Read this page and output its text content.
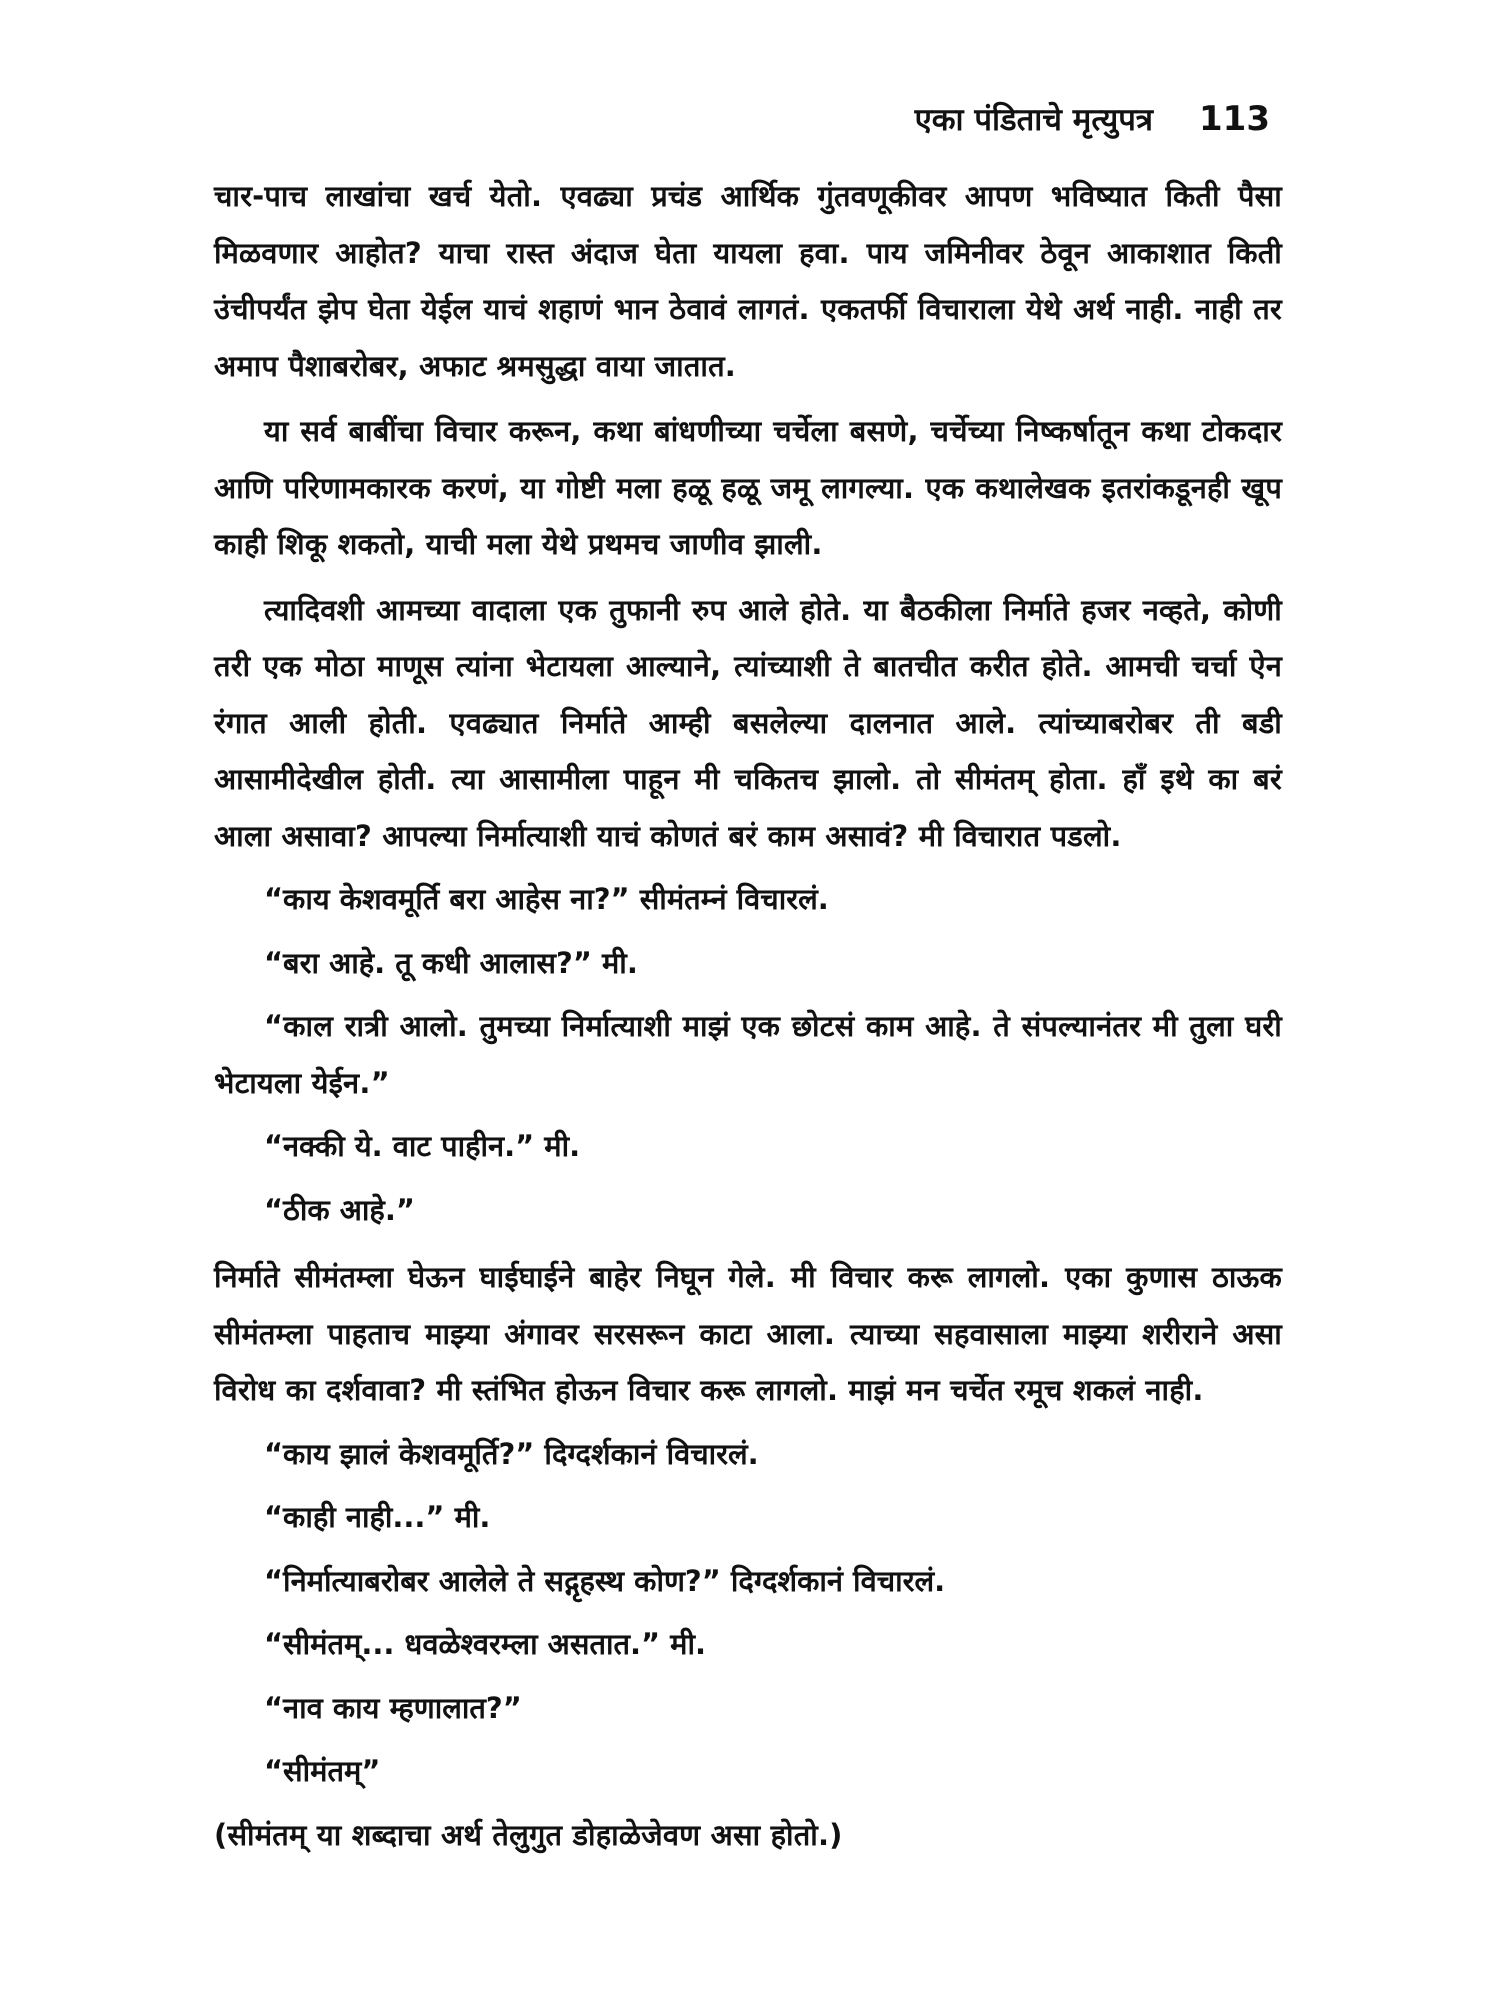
एका पंडिताचे मृत्युपत्र 113

चार-पाच लाखांचा खर्च येतो. एवढ्या प्रचंड आर्थिक गुंतवणूकीवर आपण भविष्यात किती पैसा मिळवणार आहोत? याचा रास्त अंदाज घेता यायला हवा. पाय जमिनीवर ठेवून आकाशात किती उंचीपर्यंत झेप घेता येईल याचं शहाणं भान ठेवावं लागतं. एकतर्फी विचाराला येथे अर्थ नाही. नाही तर अमाप पैशाबरोबर, अफाट श्रमसुद्धा वाया जातात.

या सर्व बाबींचा विचार करून, कथा बांधणीच्या चर्चेला बसणे, चर्चेच्या निष्कर्षातून कथा टोकदार आणि परिणामकारक करणं, या गोष्टी मला हळू हळू जमू लागल्या. एक कथालेखक इतरांकडूनही खूप काही शिकू शकतो, याची मला येथे प्रथमच जाणीव झाली.

त्यादिवशी आमच्या वादाला एक तुफानी रुप आले होते. या बैठकीला निर्माते हजर नव्हते, कोणी तरी एक मोठा माणूस त्यांना भेटायला आल्याने, त्यांच्याशी ते बातचीत करीत होते. आमची चर्चा ऐन रंगात आली होती. एवढ्यात निर्माते आम्ही बसलेल्या दालनात आले. त्यांच्याबरोबर ती बडी आसामीदेखील होती. त्या आसामीला पाहून मी चकितच झालो. तो सीमंतम् होता. हाँ इथे का बरं आला असावा? आपल्या निर्मात्याशी याचं कोणतं बरं काम असावं? मी विचारात पडलो.

“काय केशवमूर्ति बरा आहेस ना?” सीमंतम्नं विचारलं.

“बरा आहे. तू कधी आलास?” मी.

“काल रात्री आलो. तुमच्या निर्मात्याशी माझं एक छोटसं काम आहे. ते संपल्यानंतर मी तुला घरी भेटायला येईन.”

“नक्की ये. वाट पाहीन.” मी.

“ठीक आहे.”

निर्माते सीमंतम्ला घेऊन घाईघाईने बाहेर निघून गेले. मी विचार करू लागलो. एका कुणास ठाऊक सीमंतम्ला पाहताच माझ्या अंगावर सरसरून काटा आला. त्याच्या सहवासाला माझ्या शरीराने असा विरोध का दर्शवावा? मी स्तंभित होऊन विचार करू लागलो. माझं मन चर्चेत रमूच शकलं नाही.

“काय झालं केशवमूर्ति?” दिग्दर्शकानं विचारलं.

“काही नाही...” मी.

“निर्मात्याबरोबर आलेले ते सद्गृहस्थ कोण?” दिग्दर्शकानं विचारलं.

“सीमंतम्... धवळेश्वरम्ला असतात.” मी.

“नाव काय म्हणालात?”

“सीमंतम्”

(सीमंतम् या शब्दाचा अर्थ तेलुगुत डोहाळेजेवण असा होतो.)
